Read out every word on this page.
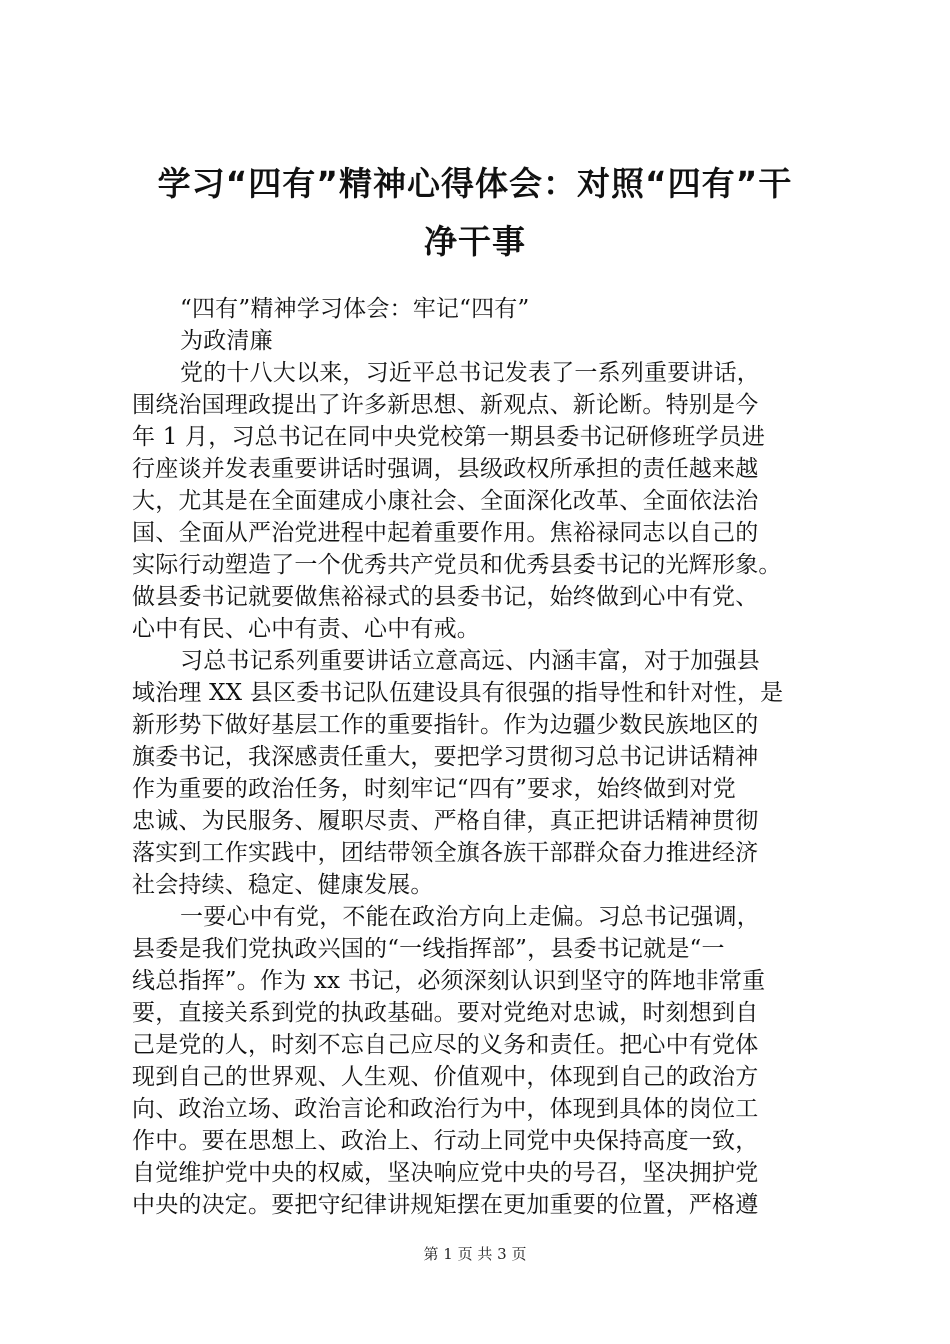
学习“四有”精神心得体会：对照“四有”干
净干事
“四有”精神学习体会：牢记“四有”
为政清廉
党的十八大以来，习近平总书记发表了一系列重要讲话，
围绕治国理政提出了许多新思想、新观点、新论断。特别是今
年 1 月，习总书记在同中央党校第一期县委书记研修班学员进
行座谈并发表重要讲话时强调，县级政权所承担的责任越来越
大，尤其是在全面建成小康社会、全面深化改革、全面依法治
国、全面从严治党进程中起着重要作用。焦裕禄同志以自己的
实际行动塑造了一个优秀共产党员和优秀县委书记的光辉形象。
做县委书记就要做焦裕禄式的县委书记，始终做到心中有党、
心中有民、心中有责、心中有戒。
习总书记系列重要讲话立意高远、内涵丰富，对于加强县
域治理 XX 县区委书记队伍建设具有很强的指导性和针对性，是
新形势下做好基层工作的重要指针。作为边疆少数民族地区的
旗委书记，我深感责任重大，要把学习贯彻习总书记讲话精神
作为重要的政治任务，时刻牢记“四有”要求，始终做到对党
忠诚、为民服务、履职尽责、严格自律，真正把讲话精神贯彻
落实到工作实践中，团结带领全旗各族干部群众奋力推进经济
社会持续、稳定、健康发展。
一要心中有党，不能在政治方向上走偏。习总书记强调，
县委是我们党执政兴国的“一线指挥部”，县委书记就是“一
线总指挥”。作为 xx 书记，必须深刻认识到坚守的阵地非常重
要，直接关系到党的执政基础。要对党绝对忠诚，时刻想到自
己是党的人，时刻不忘自己应尽的义务和责任。把心中有党体
现到自己的世界观、人生观、价值观中，体现到自己的政治方
向、政治立场、政治言论和政治行为中，体现到具体的岗位工
作中。要在思想上、政治上、行动上同党中央保持高度一致，
自觉维护党中央的权威，坚决响应党中央的号召，坚决拥护党
中央的决定。要把守纪律讲规矩摆在更加重要的位置，严格遵
第 1 页 共 3 页
